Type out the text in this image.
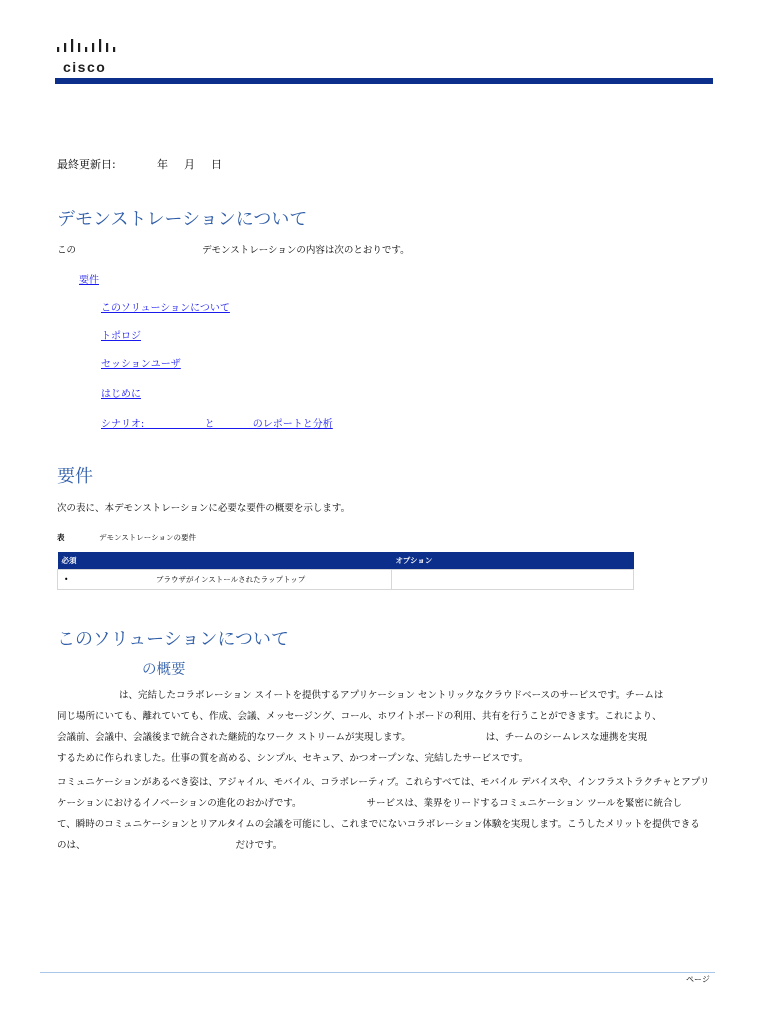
cisco
最終更新日:	年 月 日
デモンストレーションについて
この	デモンストレーションの内容は次のとおりです。
要件
このソリューションについて
トポロジ
セッションユーザ
はじめに
シナリオ:                   と            のレポートと分析
要件
次の表に、本デモンストレーションに必要な要件の概要を示します。
表	デモンストレーションの要件
必須	オプション
• ブラウザがインストールされたラップトップ	
このソリューションについて
の概要
は、完結したコラボレーション スイートを提供するアプリケーション セントリックなクラウドベースのサービスです。チームは
同じ場所にいても、離れていても、作成、会議、メッセージング、コール、ホワイトボードの利用、共有を行うことができます。これにより、
会議前、会議中、会議後まで統合された継続的なワーク ストリームが実現します。	は、チームのシームレスな連携を実現
するために作られました。仕事の質を高める、シンプル、セキュア、かつオープンな、完結したサービスです。
コミュニケーションがあるべき姿は、アジャイル、モバイル、コラボレーティブ。これらすべては、モバイル デバイスや、インフラストラクチャとアプリ
ケーションにおけるイノベーションの進化のおかげです。	サービスは、業界をリードするコミュニケーション ツールを緊密に統合し
て、瞬時のコミュニケーションとリアルタイムの会議を可能にし、これまでにないコラボレーション体験を実現します。こうしたメリットを提供できる
のは、	だけです。
ページ
